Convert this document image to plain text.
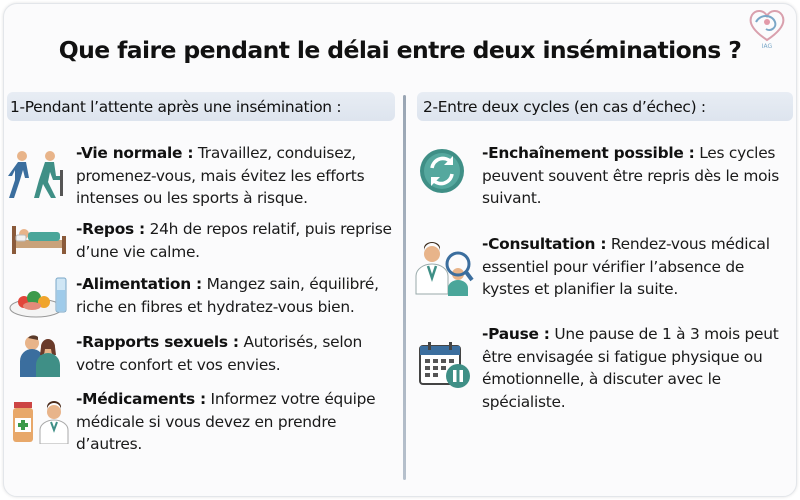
Que faire pendant le délai entre deux inséminations ?	IAG
1-Pendant l’attente après une insémination :	2-Entre deux cycles (en cas d’échec) :
-Vie normale : Travaillez, conduisez, promenez-vous, mais évitez les efforts intenses ou les sports à risque.
-Repos : 24h de repos relatif, puis reprise d’une vie calme.
-Alimentation : Mangez sain, équilibré, riche en fibres et hydratez-vous bien.
-Rapports sexuels : Autorisés, selon votre confort et vos envies.
-Médicaments : Informez votre équipe médicale si vous devez en prendre d’autres.
-Enchaînement possible : Les cycles peuvent souvent être repris dès le mois suivant.
-Consultation : Rendez-vous médical essentiel pour vérifier l’absence de kystes et planifier la suite.
-Pause : Une pause de 1 à 3 mois peut être envisagée si fatigue physique ou émotionnelle, à discuter avec le spécialiste.
